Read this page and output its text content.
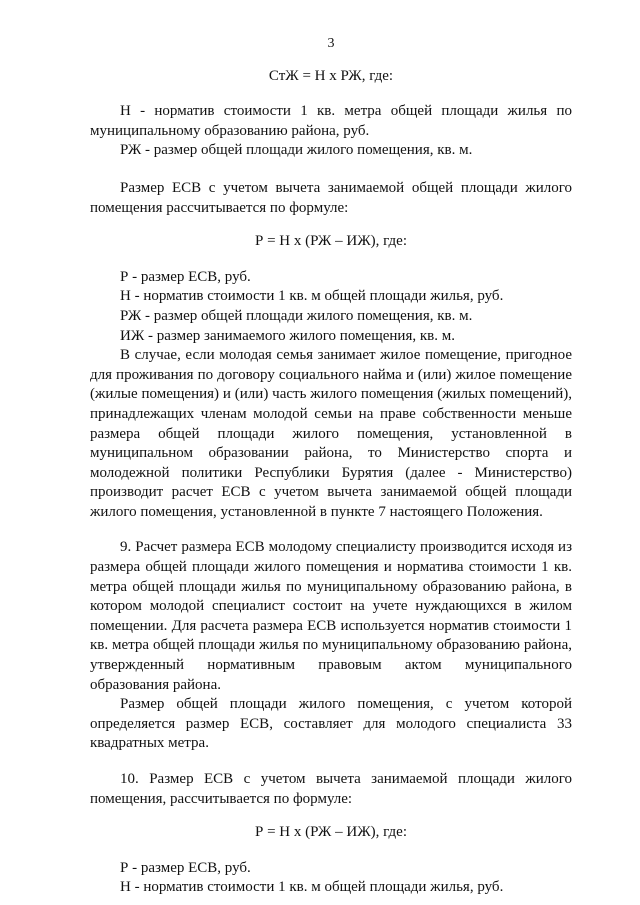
3
СтЖ = Н х РЖ, где:

Н - норматив стоимости 1 кв. метра общей площади жилья по муниципальному образованию района, руб.

РЖ - размер общей площади жилого помещения, кв. м.

Размер ЕСВ с учетом вычета занимаемой общей площади жилого помещения рассчитывается по формуле:

Р = Н х (РЖ – ИЖ), где:

Р - размер ЕСВ, руб.

Н - норматив стоимости 1 кв. м общей площади жилья, руб.

РЖ - размер общей площади жилого помещения, кв. м.

ИЖ - размер занимаемого жилого помещения, кв. м.

В случае, если молодая семья занимает жилое помещение, пригодное для проживания по договору социального найма и (или) жилое помещение (жилые помещения) и (или) часть жилого помещения (жилых помещений), принадлежащих членам молодой семьи на праве собственности меньше размера общей площади жилого помещения, установленной в муниципальном образовании района, то Министерство спорта и молодежной политики Республики Бурятия (далее - Министерство) производит расчет ЕСВ с учетом вычета занимаемой общей площади жилого помещения, установленной в пункте 7 настоящего Положения.

9. Расчет размера ЕСВ молодому специалисту производится исходя из размера общей площади жилого помещения и норматива стоимости 1 кв. метра общей площади жилья по муниципальному образованию района, в котором молодой специалист состоит на учете нуждающихся в жилом помещении. Для расчета размера ЕСВ используется норматив стоимости 1 кв. метра общей площади жилья по муниципальному образованию района, утвержденный нормативным правовым актом муниципального образования района.

Размер общей площади жилого помещения, с учетом которой определяется размер ЕСВ, составляет для молодого специалиста 33 квадратных метра.

10. Размер ЕСВ с учетом вычета занимаемой площади жилого помещения, рассчитывается по формуле:

Р = Н х (РЖ – ИЖ), где:

Р - размер ЕСВ, руб.

Н - норматив стоимости 1 кв. м общей площади жилья, руб.
